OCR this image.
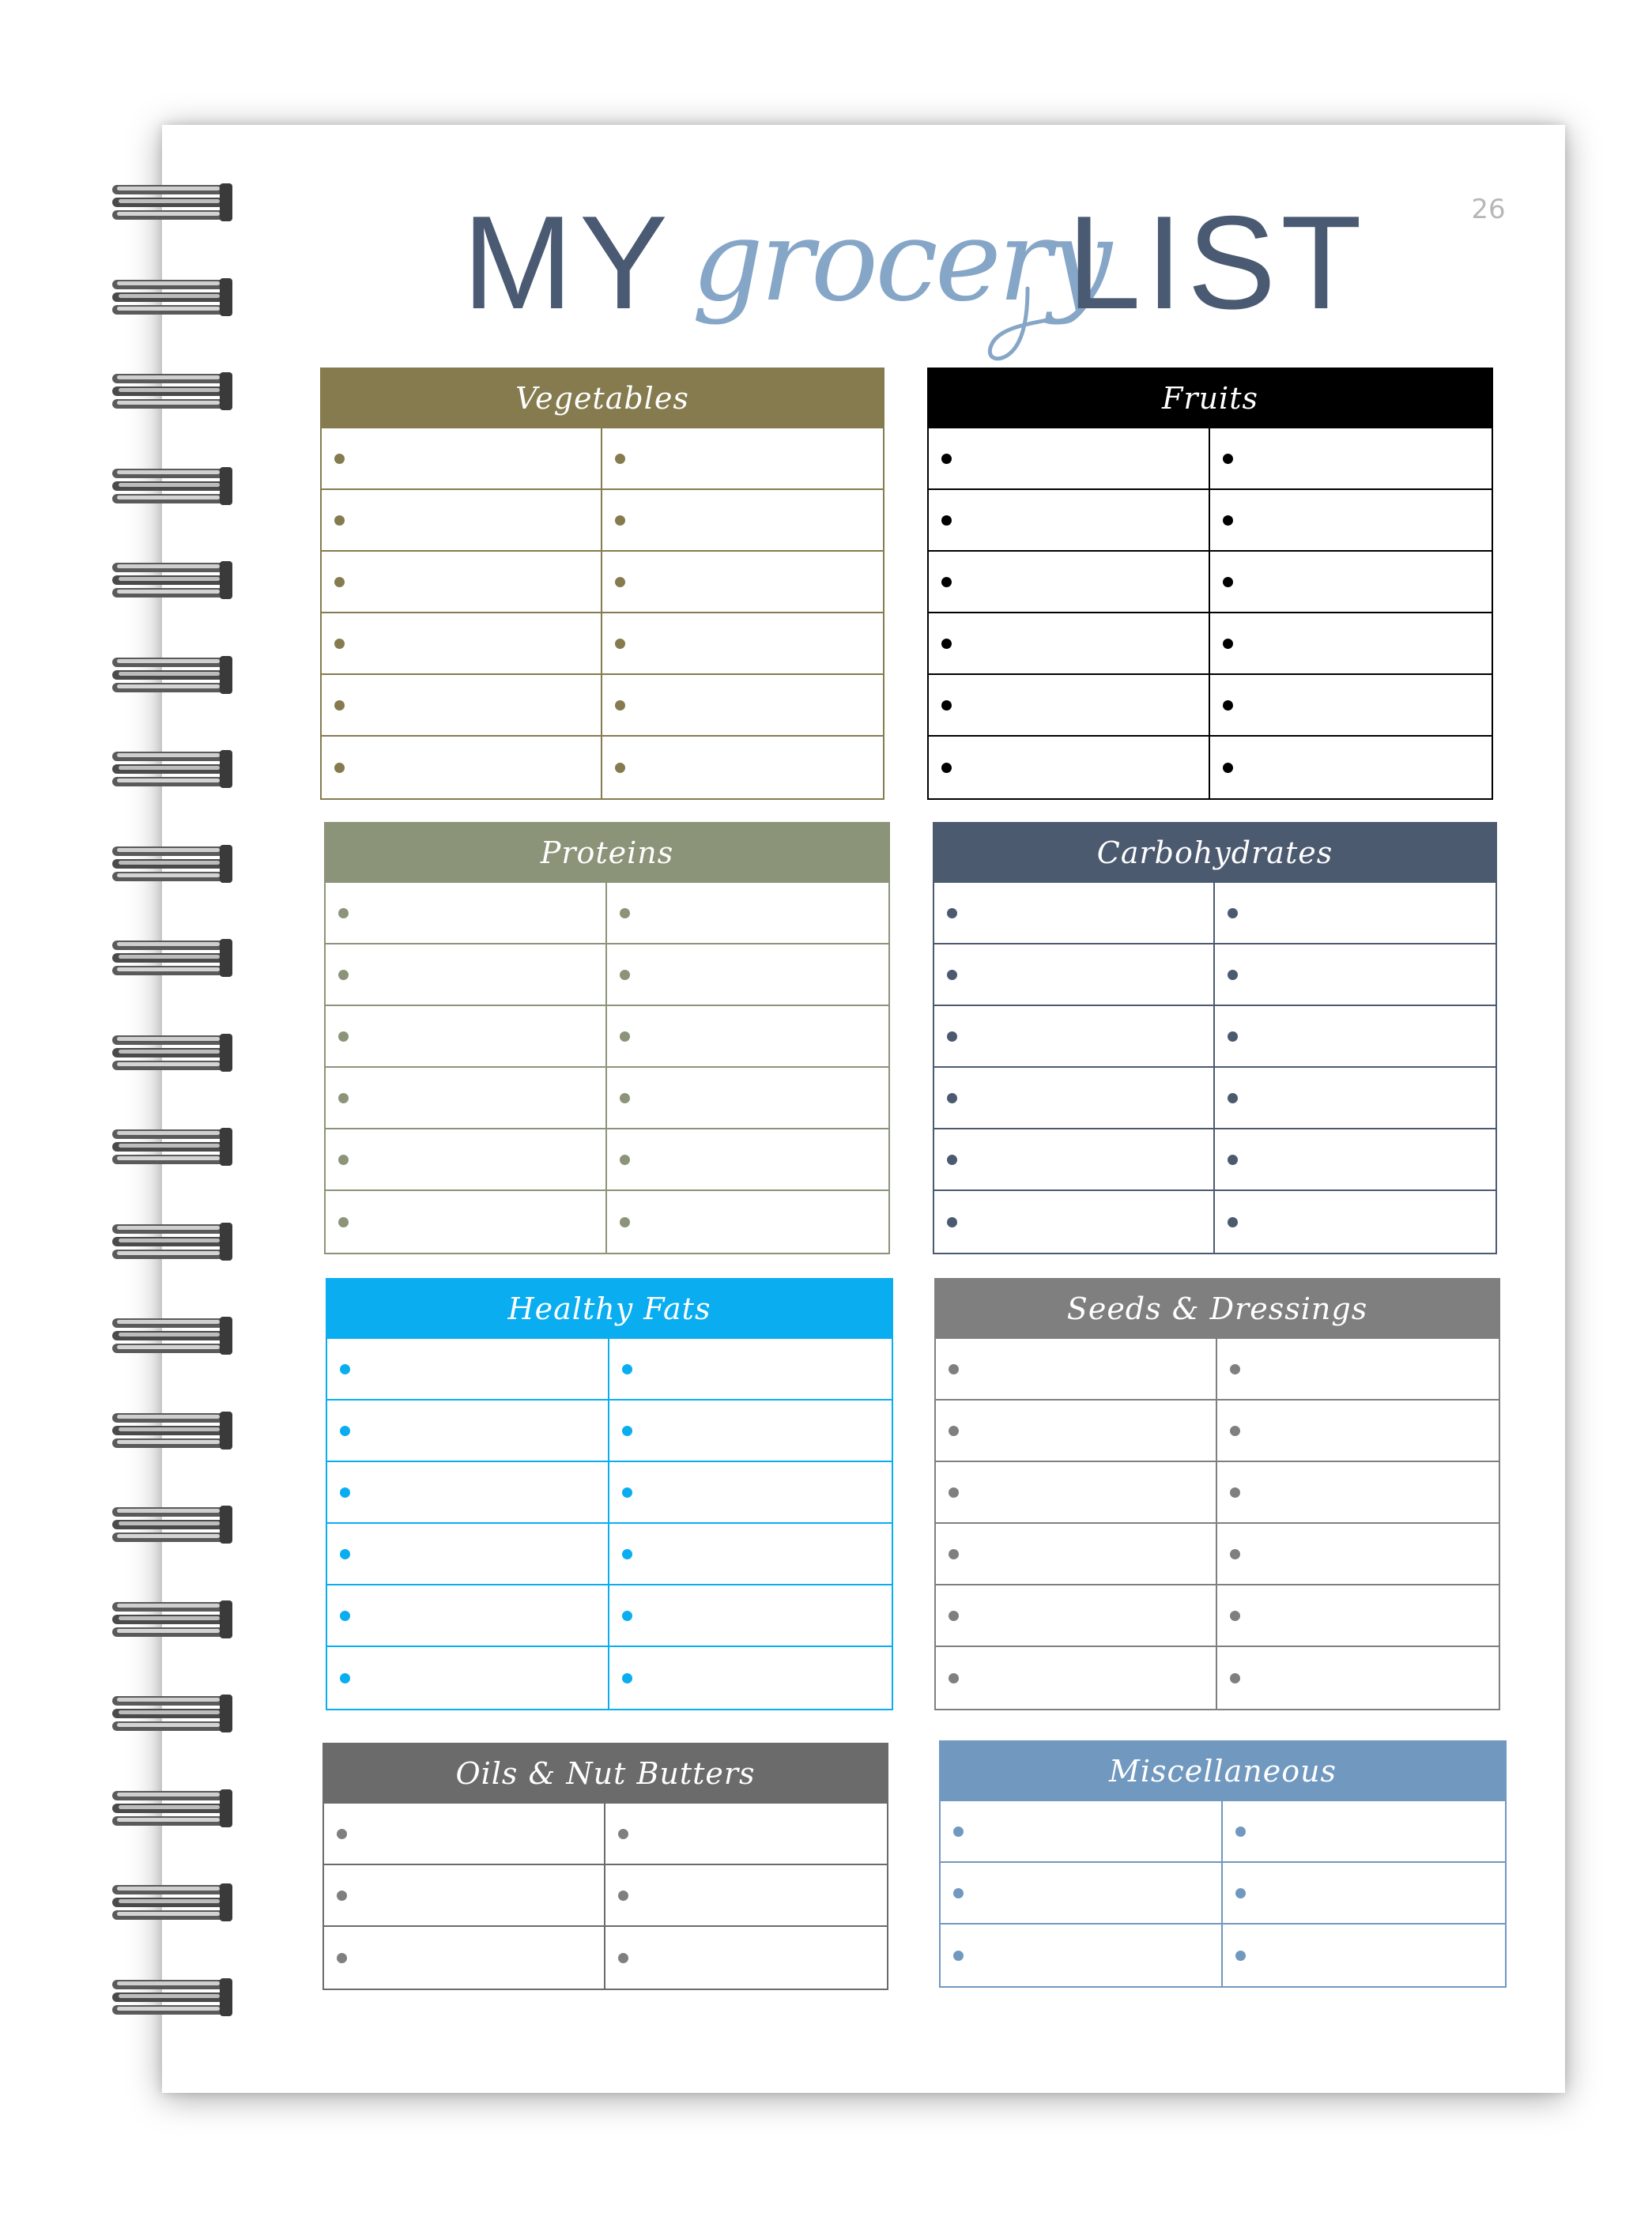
26
MY grocery
LIST
Vegetables	Fruits
Proteins	Carbohydrates
Healthy Fats	Seeds & Dressings
Oils & Nut Butters	Miscellaneous
